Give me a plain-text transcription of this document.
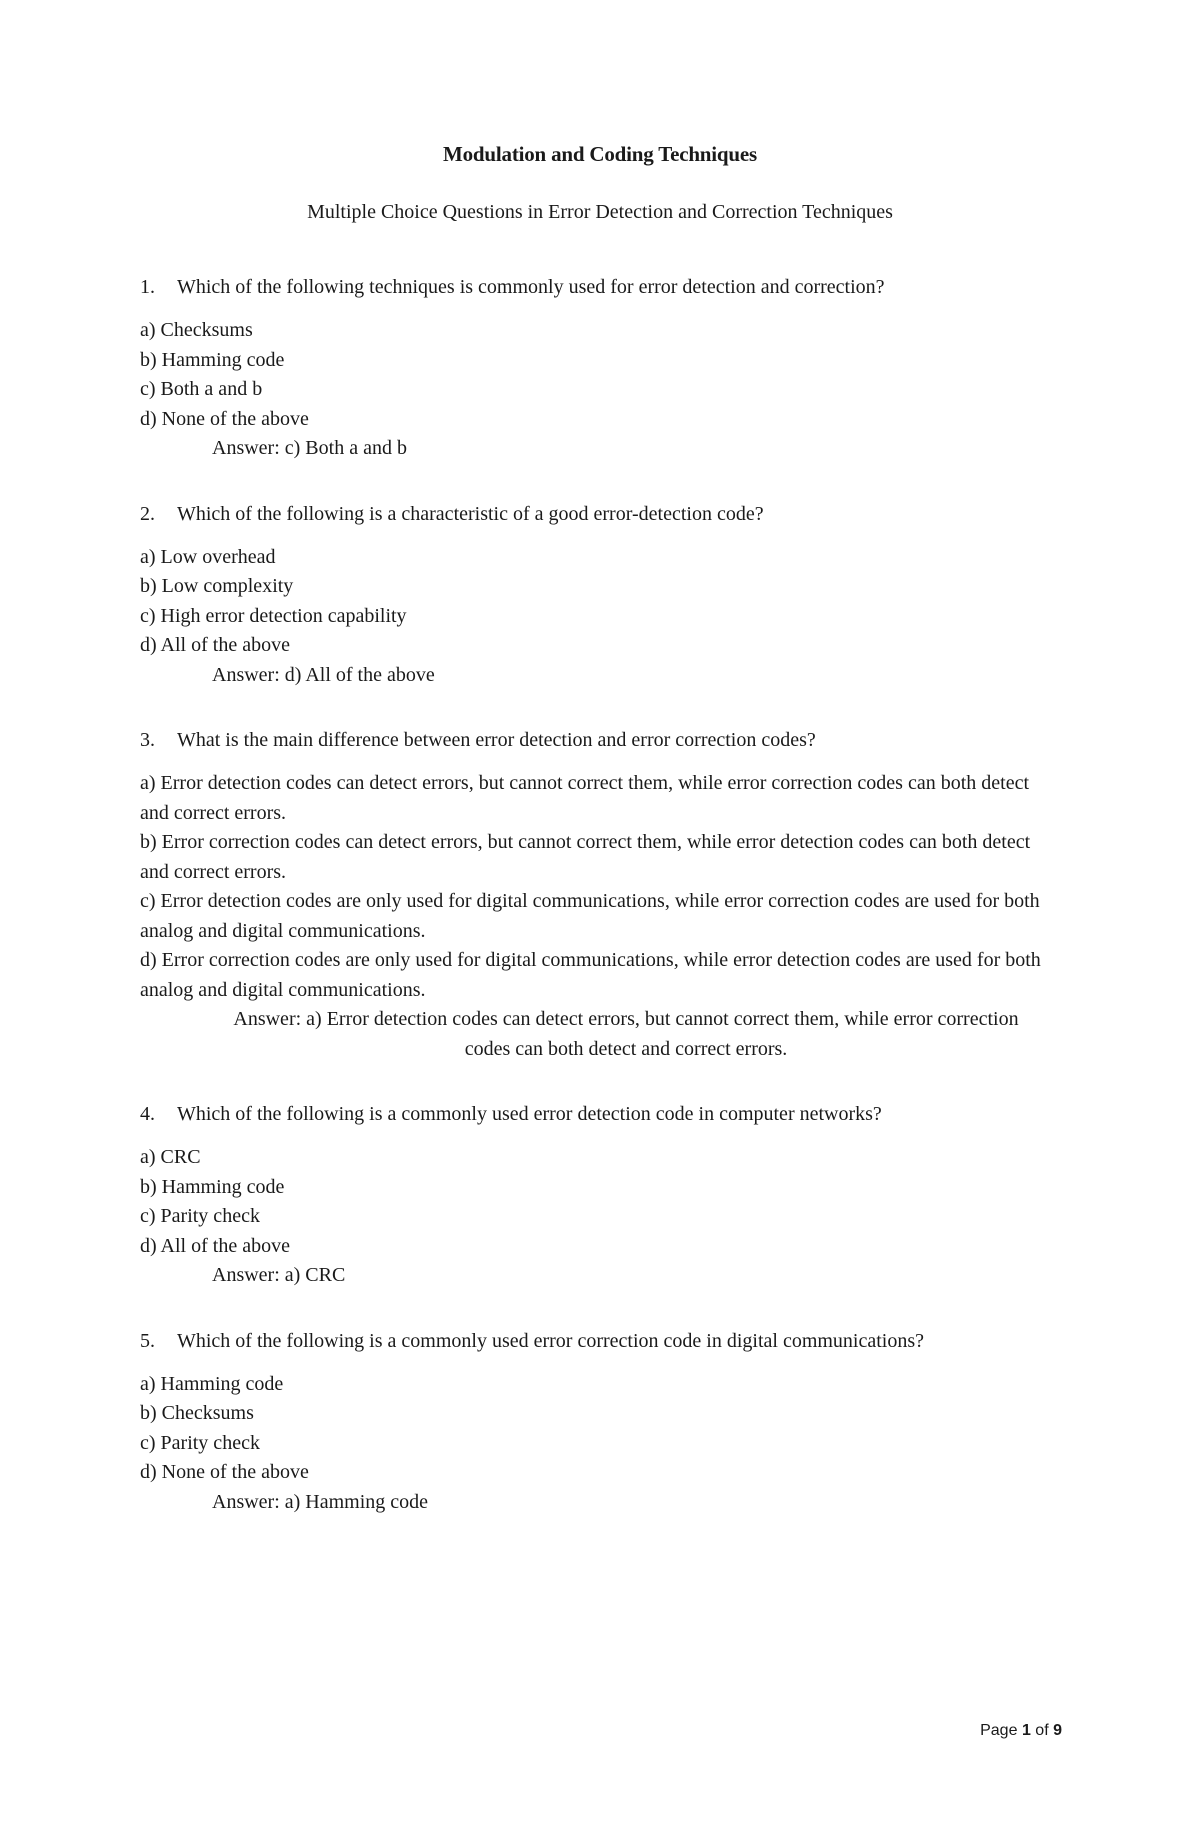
Modulation and Coding Techniques
Multiple Choice Questions in Error Detection and Correction Techniques
1.	Which of the following techniques is commonly used for error detection and correction?
a) Checksums
b) Hamming code
c) Both a and b
d) None of the above
Answer: c) Both a and b
2.	Which of the following is a characteristic of a good error-detection code?
a) Low overhead
b) Low complexity
c) High error detection capability
d) All of the above
Answer: d) All of the above
3.	What is the main difference between error detection and error correction codes?
a) Error detection codes can detect errors, but cannot correct them, while error correction codes can both detect and correct errors.
b) Error correction codes can detect errors, but cannot correct them, while error detection codes can both detect and correct errors.
c) Error detection codes are only used for digital communications, while error correction codes are used for both analog and digital communications.
d) Error correction codes are only used for digital communications, while error detection codes are used for both analog and digital communications.
Answer: a) Error detection codes can detect errors, but cannot correct them, while error correction codes can both detect and correct errors.
4.	Which of the following is a commonly used error detection code in computer networks?
a) CRC
b) Hamming code
c) Parity check
d) All of the above
Answer: a) CRC
5.	Which of the following is a commonly used error correction code in digital communications?
a) Hamming code
b) Checksums
c) Parity check
d) None of the above
Answer: a) Hamming code
Page 1 of 9
